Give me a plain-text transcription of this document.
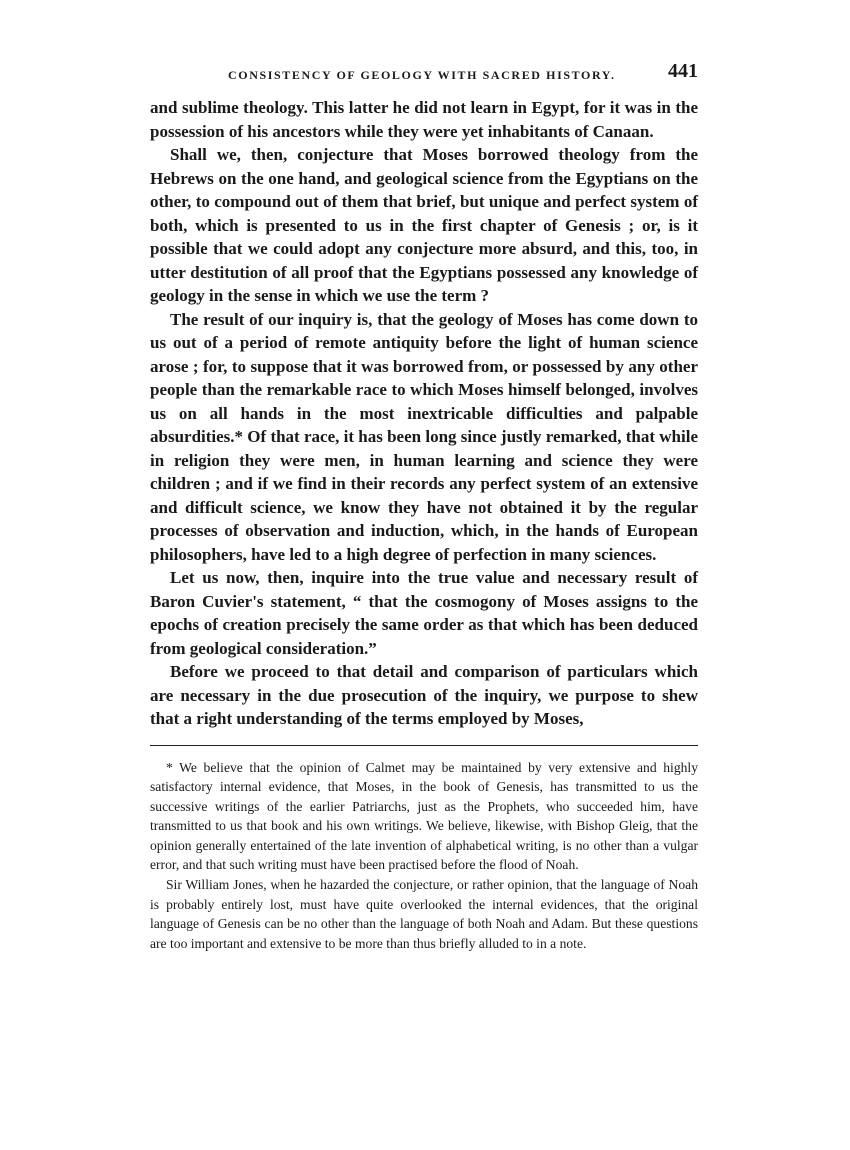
CONSISTENCY OF GEOLOGY WITH SACRED HISTORY.	441

and sublime theology. This latter he did not learn in Egypt, for it was in the possession of his ancestors while they were yet inhabitants of Canaan.

Shall we, then, conjecture that Moses borrowed theology from the Hebrews on the one hand, and geological science from the Egyptians on the other, to compound out of them that brief, but unique and perfect system of both, which is presented to us in the first chapter of Genesis ; or, is it possible that we could adopt any conjecture more absurd, and this, too, in utter destitution of all proof that the Egyptians possessed any knowledge of geology in the sense in which we use the term ?

The result of our inquiry is, that the geology of Moses has come down to us out of a period of remote antiquity before the light of human science arose ; for, to suppose that it was borrowed from, or possessed by any other people than the remarkable race to which Moses himself belonged, involves us on all hands in the most inextricable difficulties and palpable absurdities.* Of that race, it has been long since justly remarked, that while in religion they were men, in human learning and science they were children ; and if we find in their records any perfect system of an extensive and difficult science, we know they have not obtained it by the regular processes of observation and induction, which, in the hands of European philosophers, have led to a high degree of perfection in many sciences.

Let us now, then, inquire into the true value and necessary result of Baron Cuvier's statement, “ that the cosmogony of Moses assigns to the epochs of creation precisely the same order as that which has been deduced from geological consideration.”

Before we proceed to that detail and comparison of particulars which are necessary in the due prosecution of the inquiry, we purpose to shew that a right understanding of the terms employed by Moses,

* We believe that the opinion of Calmet may be maintained by very extensive and highly satisfactory internal evidence, that Moses, in the book of Genesis, has transmitted to us the successive writings of the earlier Patriarchs, just as the Prophets, who succeeded him, have transmitted to us that book and his own writings. We believe, likewise, with Bishop Gleig, that the opinion generally entertained of the late invention of alphabetical writing, is no other than a vulgar error, and that such writing must have been practised before the flood of Noah.

Sir William Jones, when he hazarded the conjecture, or rather opinion, that the language of Noah is probably entirely lost, must have quite overlooked the internal evidences, that the original language of Genesis can be no other than the language of both Noah and Adam. But these questions are too important and extensive to be more than thus briefly alluded to in a note.
